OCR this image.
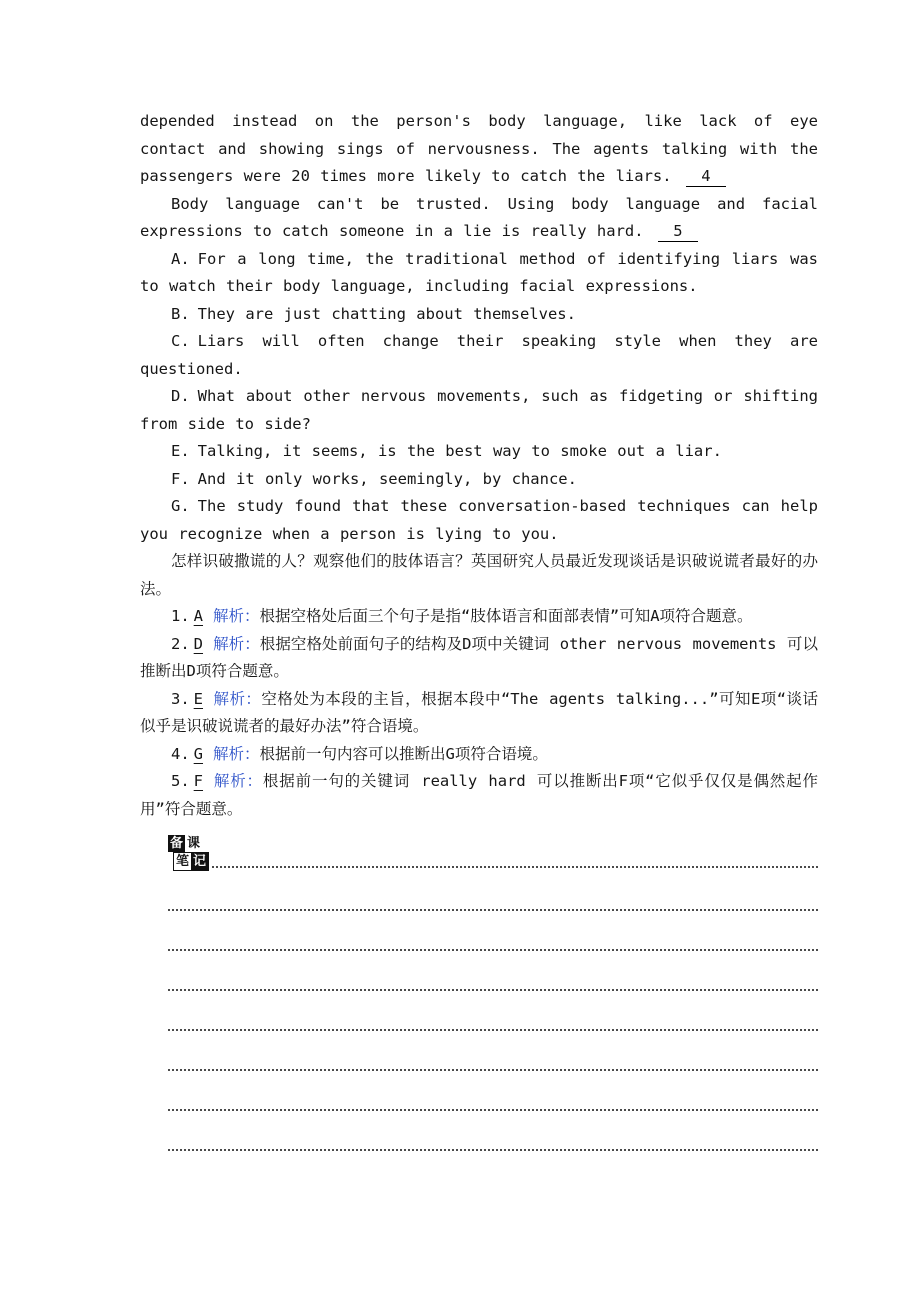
depended instead on the person's body language, like lack of eye contact and showing sings of nervousness. The agents talking with the passengers were 20 times more likely to catch the liars. 4

Body language can't be trusted. Using body language and facial expressions to catch someone in a lie is really hard. 5

A. For a long time, the traditional method of identifying liars was to watch their body language, including facial expressions.

B. They are just chatting about themselves.

C. Liars will often change their speaking style when they are questioned.

D. What about other nervous movements, such as fidgeting or shifting from side to side?

E. Talking, it seems, is the best way to smoke out a liar.

F. And it only works, seemingly, by chance.

G. The study found that these conversation-based techniques can help you recognize when a person is lying to you.

怎样识破撒谎的人？观察他们的肢体语言？英国研究人员最近发现谈话是识破说谎者最好的办法。

1. A 解析：根据空格处后面三个句子是指“肢体语言和面部表情”可知A项符合题意。

2. D 解析：根据空格处前面句子的结构及D项中关键词 other nervous movements 可以推断出D项符合题意。

3. E 解析：空格处为本段的主旨，根据本段中“The agents talking...”可知E项“谈话似乎是识破说谎者的最好办法”符合语境。

4. G 解析：根据前一句内容可以推断出G项符合语境。

5. F 解析：根据前一句的关键词 really hard 可以推断出F项“它似乎仅仅是偶然起作用”符合题意。

备 课
笔 记
